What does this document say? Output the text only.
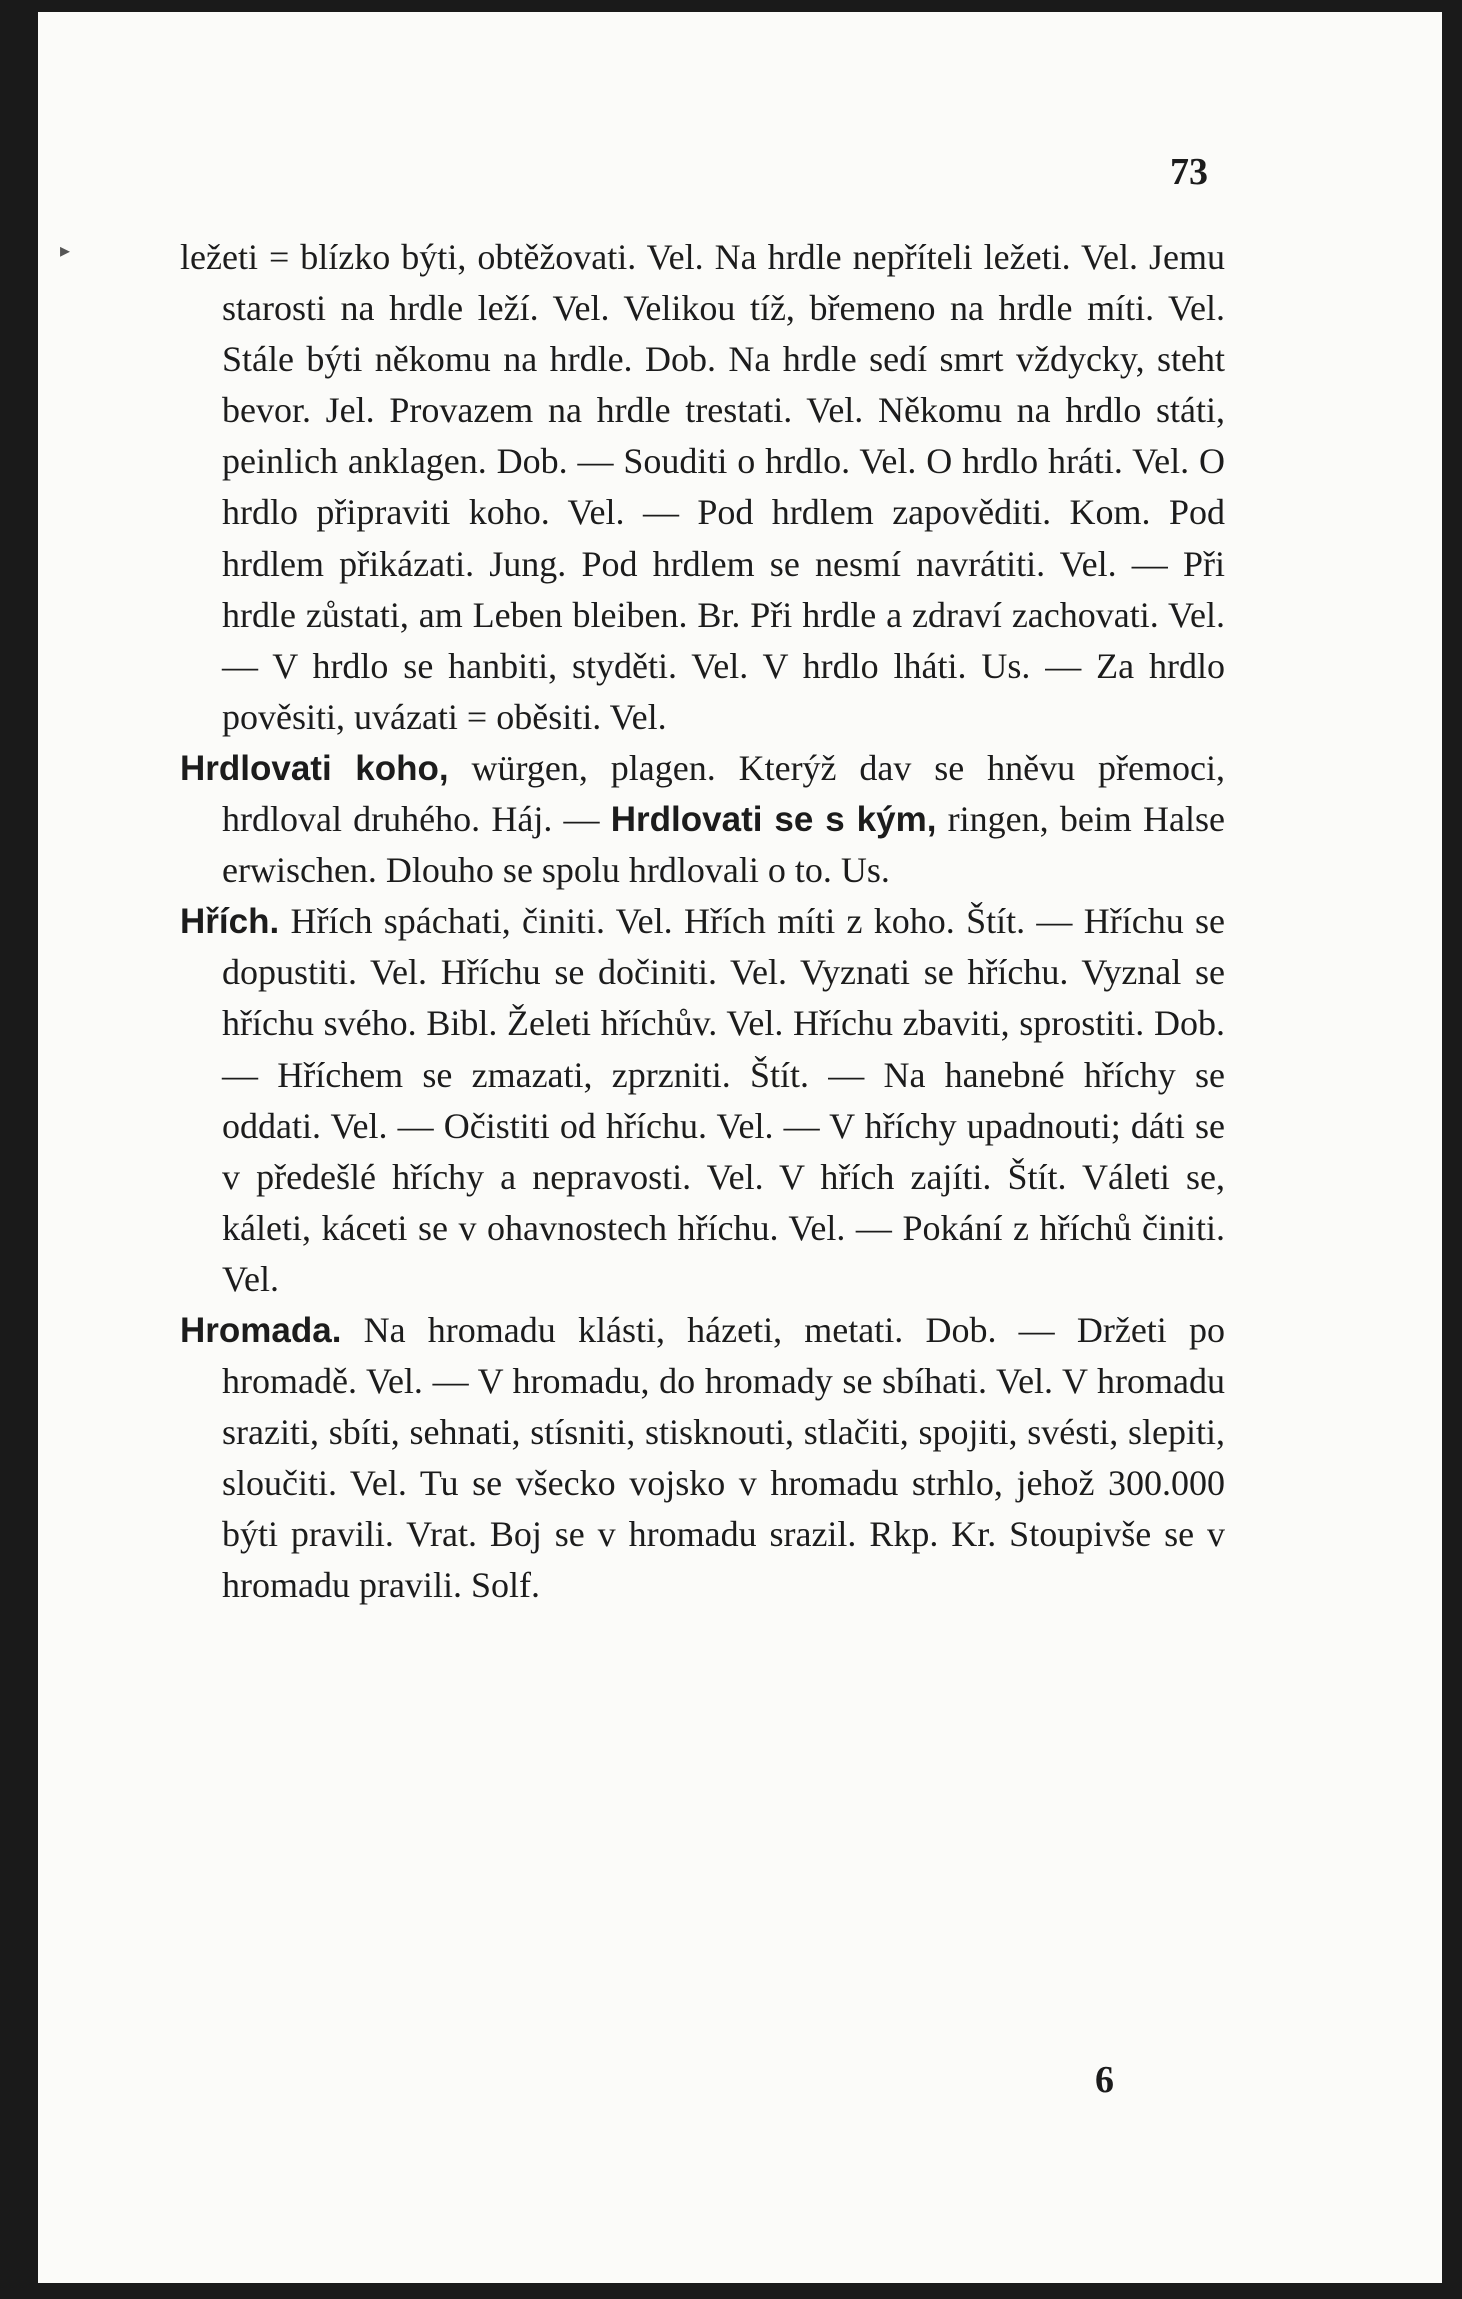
73
▸	ležeti = blízko býti, obtěžovati. Vel. Na hrdle nepříteli ležeti. Vel. Jemu starosti na hrdle leží. Vel. Velikou tíž, břemeno na hrdle míti. Vel. Stále býti někomu na hrdle. Dob. Na hrdle sedí smrt vždycky, steht bevor. Jel. Provazem na hrdle trestati. Vel. Někomu na hrdlo státi, peinlich anklagen. Dob. — Souditi o hrdlo. Vel. O hrdlo hráti. Vel. O hrdlo připraviti koho. Vel. — Pod hrdlem zapověditi. Kom. Pod hrdlem přikázati. Jung. Pod hrdlem se nesmí navrátiti. Vel. — Při hrdle zůstati, am Leben bleiben. Br. Při hrdle a zdraví zachovati. Vel. — V hrdlo se hanbiti, styděti. Vel. V hrdlo lháti. Us. — Za hrdlo pověsiti, uvázati = oběsiti. Vel.

Hrdlovati koho, würgen, plagen. Kterýž dav se hněvu přemoci, hrdloval druhého. Háj. — Hrdlovati se s kým, ringen, beim Halse erwischen. Dlouho se spolu hrdlovali o to. Us.

Hřích. Hřích spáchati, činiti. Vel. Hřích míti z koho. Štít. — Hříchu se dopustiti. Vel. Hříchu se dočiniti. Vel. Vyznati se hříchu. Vyznal se hříchu svého. Bibl. Želeti hříchův. Vel. Hříchu zbaviti, sprostiti. Dob. — Hříchem se zmazati, zprzniti. Štít. — Na hanebné hříchy se oddati. Vel. — Očistiti od hříchu. Vel. — V hříchy upadnouti; dáti se v předešlé hříchy a nepravosti. Vel. V hřích zajíti. Štít. Váleti se, káleti, káceti se v ohavnostech hříchu. Vel. — Pokání z hříchů činiti. Vel.

Hromada. Na hromadu klásti, házeti, metati. Dob. — Držeti po hromadě. Vel. — V hromadu, do hromady se sbíhati. Vel. V hromadu sraziti, sbíti, sehnati, stísniti, stisknouti, stlačiti, spojiti, svésti, slepiti, sloučiti. Vel. Tu se všecko vojsko v hromadu strhlo, jehož 300.000 býti pravili. Vrat. Boj se v hromadu srazil. Rkp. Kr. Stoupivše se v hromadu pravili. Solf.

6
